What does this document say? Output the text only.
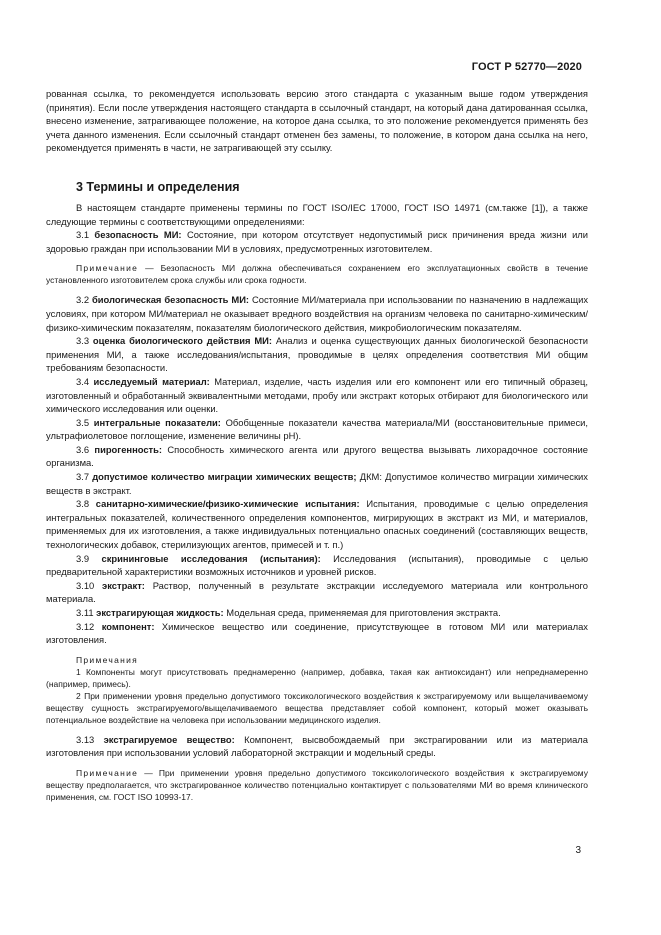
ГОСТ Р 52770—2020

рованная ссылка, то рекомендуется использовать версию этого стандарта с указанным выше годом утверждения (принятия). Если после утверждения настоящего стандарта в ссылочный стандарт, на который дана датированная ссылка, внесено изменение, затрагивающее положение, на которое дана ссылка, то это положение рекомендуется применять без учета данного изменения. Если ссылочный стандарт отменен без замены, то положение, в котором дана ссылка на него, рекомендуется применять в части, не затрагивающей эту ссылку.

3 Термины и определения

В настоящем стандарте применены термины по ГОСТ ISO/IEC 17000, ГОСТ ISO 14971 (см.также [1]), а также следующие термины с соответствующими определениями:

3.1 безопасность МИ: Состояние, при котором отсутствует недопустимый риск причинения вреда жизни или здоровью граждан при использовании МИ в условиях, предусмотренных изготовителем.

Примечание — Безопасность МИ должна обеспечиваться сохранением его эксплуатационных свойств в течение установленного изготовителем срока службы или срока годности.

3.2 биологическая безопасность МИ: Состояние МИ/материала при использовании по назначению в надлежащих условиях, при котором МИ/материал не оказывает вредного воздействия на организм человека по санитарно-химическим/физико-химическим показателям, показателям биологического действия, микробиологическим показателям.

3.3 оценка биологического действия МИ: Анализ и оценка существующих данных биологической безопасности применения МИ, а также исследования/испытания, проводимые в целях определения соответствия МИ общим требованиям безопасности.

3.4 исследуемый материал: Материал, изделие, часть изделия или его компонент или его типичный образец, изготовленный и обработанный эквивалентными методами, пробу или экстракт которых отбирают для биологического или химического исследования или оценки.

3.5 интегральные показатели: Обобщенные показатели качества материала/МИ (восстановительные примеси, ультрафиолетовое поглощение, изменение величины pH).

3.6 пирогенность: Способность химического агента или другого вещества вызывать лихорадочное состояние организма.

3.7 допустимое количество миграции химических веществ; ДКМ: Допустимое количество миграции химических веществ в экстракт.

3.8 санитарно-химические/физико-химические испытания: Испытания, проводимые с целью определения интегральных показателей, количественного определения компонентов, мигрирующих в экстракт из МИ, и материалов, применяемых для их изготовления, а также индивидуальных потенциально опасных соединений (составляющих веществ, технологических добавок, стерилизующих агентов, примесей и т. п.)

3.9 скрининговые исследования (испытания): Исследования (испытания), проводимые с целью предварительной характеристики возможных источников и уровней рисков.

3.10 экстракт: Раствор, полученный в результате экстракции исследуемого материала или контрольного материала.

3.11 экстрагирующая жидкость: Модельная среда, применяемая для приготовления экстракта.

3.12 компонент: Химическое вещество или соединение, присутствующее в готовом МИ или материалах изготовления.

Примечания

1 Компоненты могут присутствовать преднамеренно (например, добавка, такая как антиоксидант) или непреднамеренно (например, примесь).

2 При применении уровня предельно допустимого токсикологического воздействия к экстрагируемому или выщелачиваемому веществу сущность экстрагируемого/выщелачиваемого вещества представляет собой компонент, который может оказывать потенциальное воздействие на человека при использовании медицинского изделия.

3.13 экстрагируемое вещество: Компонент, высвобождаемый при экстрагировании или из материала изготовления при использовании условий лабораторной экстракции и модельный среды.

Примечание — При применении уровня предельно допустимого токсикологического воздействия к экстрагируемому веществу предполагается, что экстрагированное количество потенциально контактирует с пользователями МИ во время клинического применения, см. ГОСТ ISO 10993-17.

3
